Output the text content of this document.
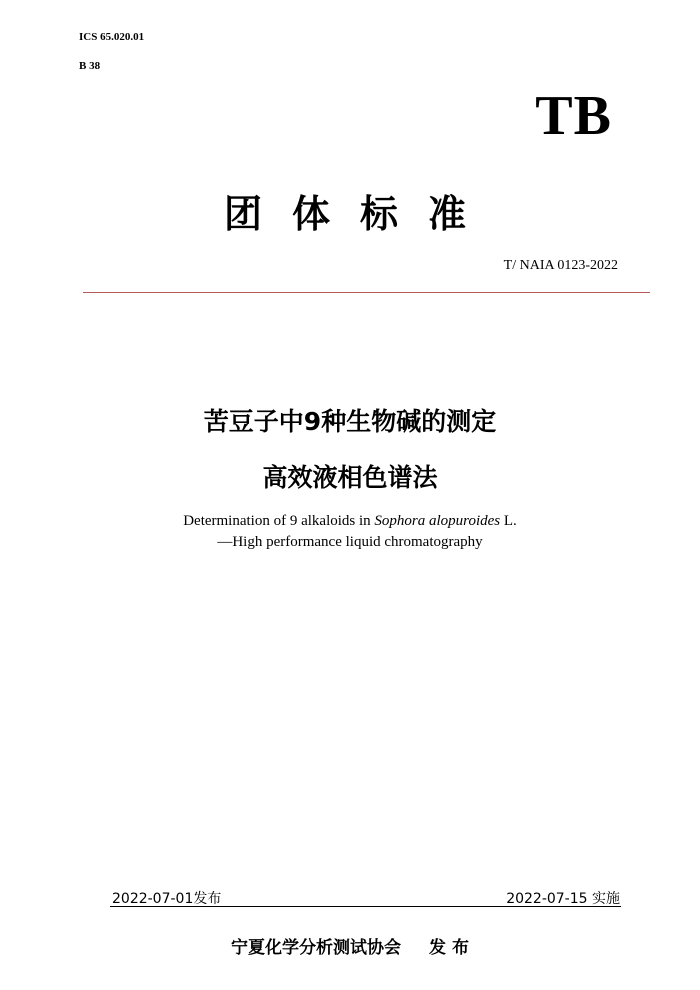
ICS 65.020.01
B 38
TB
团体标准
T/ NAIA 0123-2022
苦豆子中9种生物碱的测定
高效液相色谱法
Determination of 9 alkaloids in Sophora alopuroides L.
—High performance liquid chromatography
2022-07-01发布	2022-07-15 实施
宁夏化学分析测试协会 发 布
